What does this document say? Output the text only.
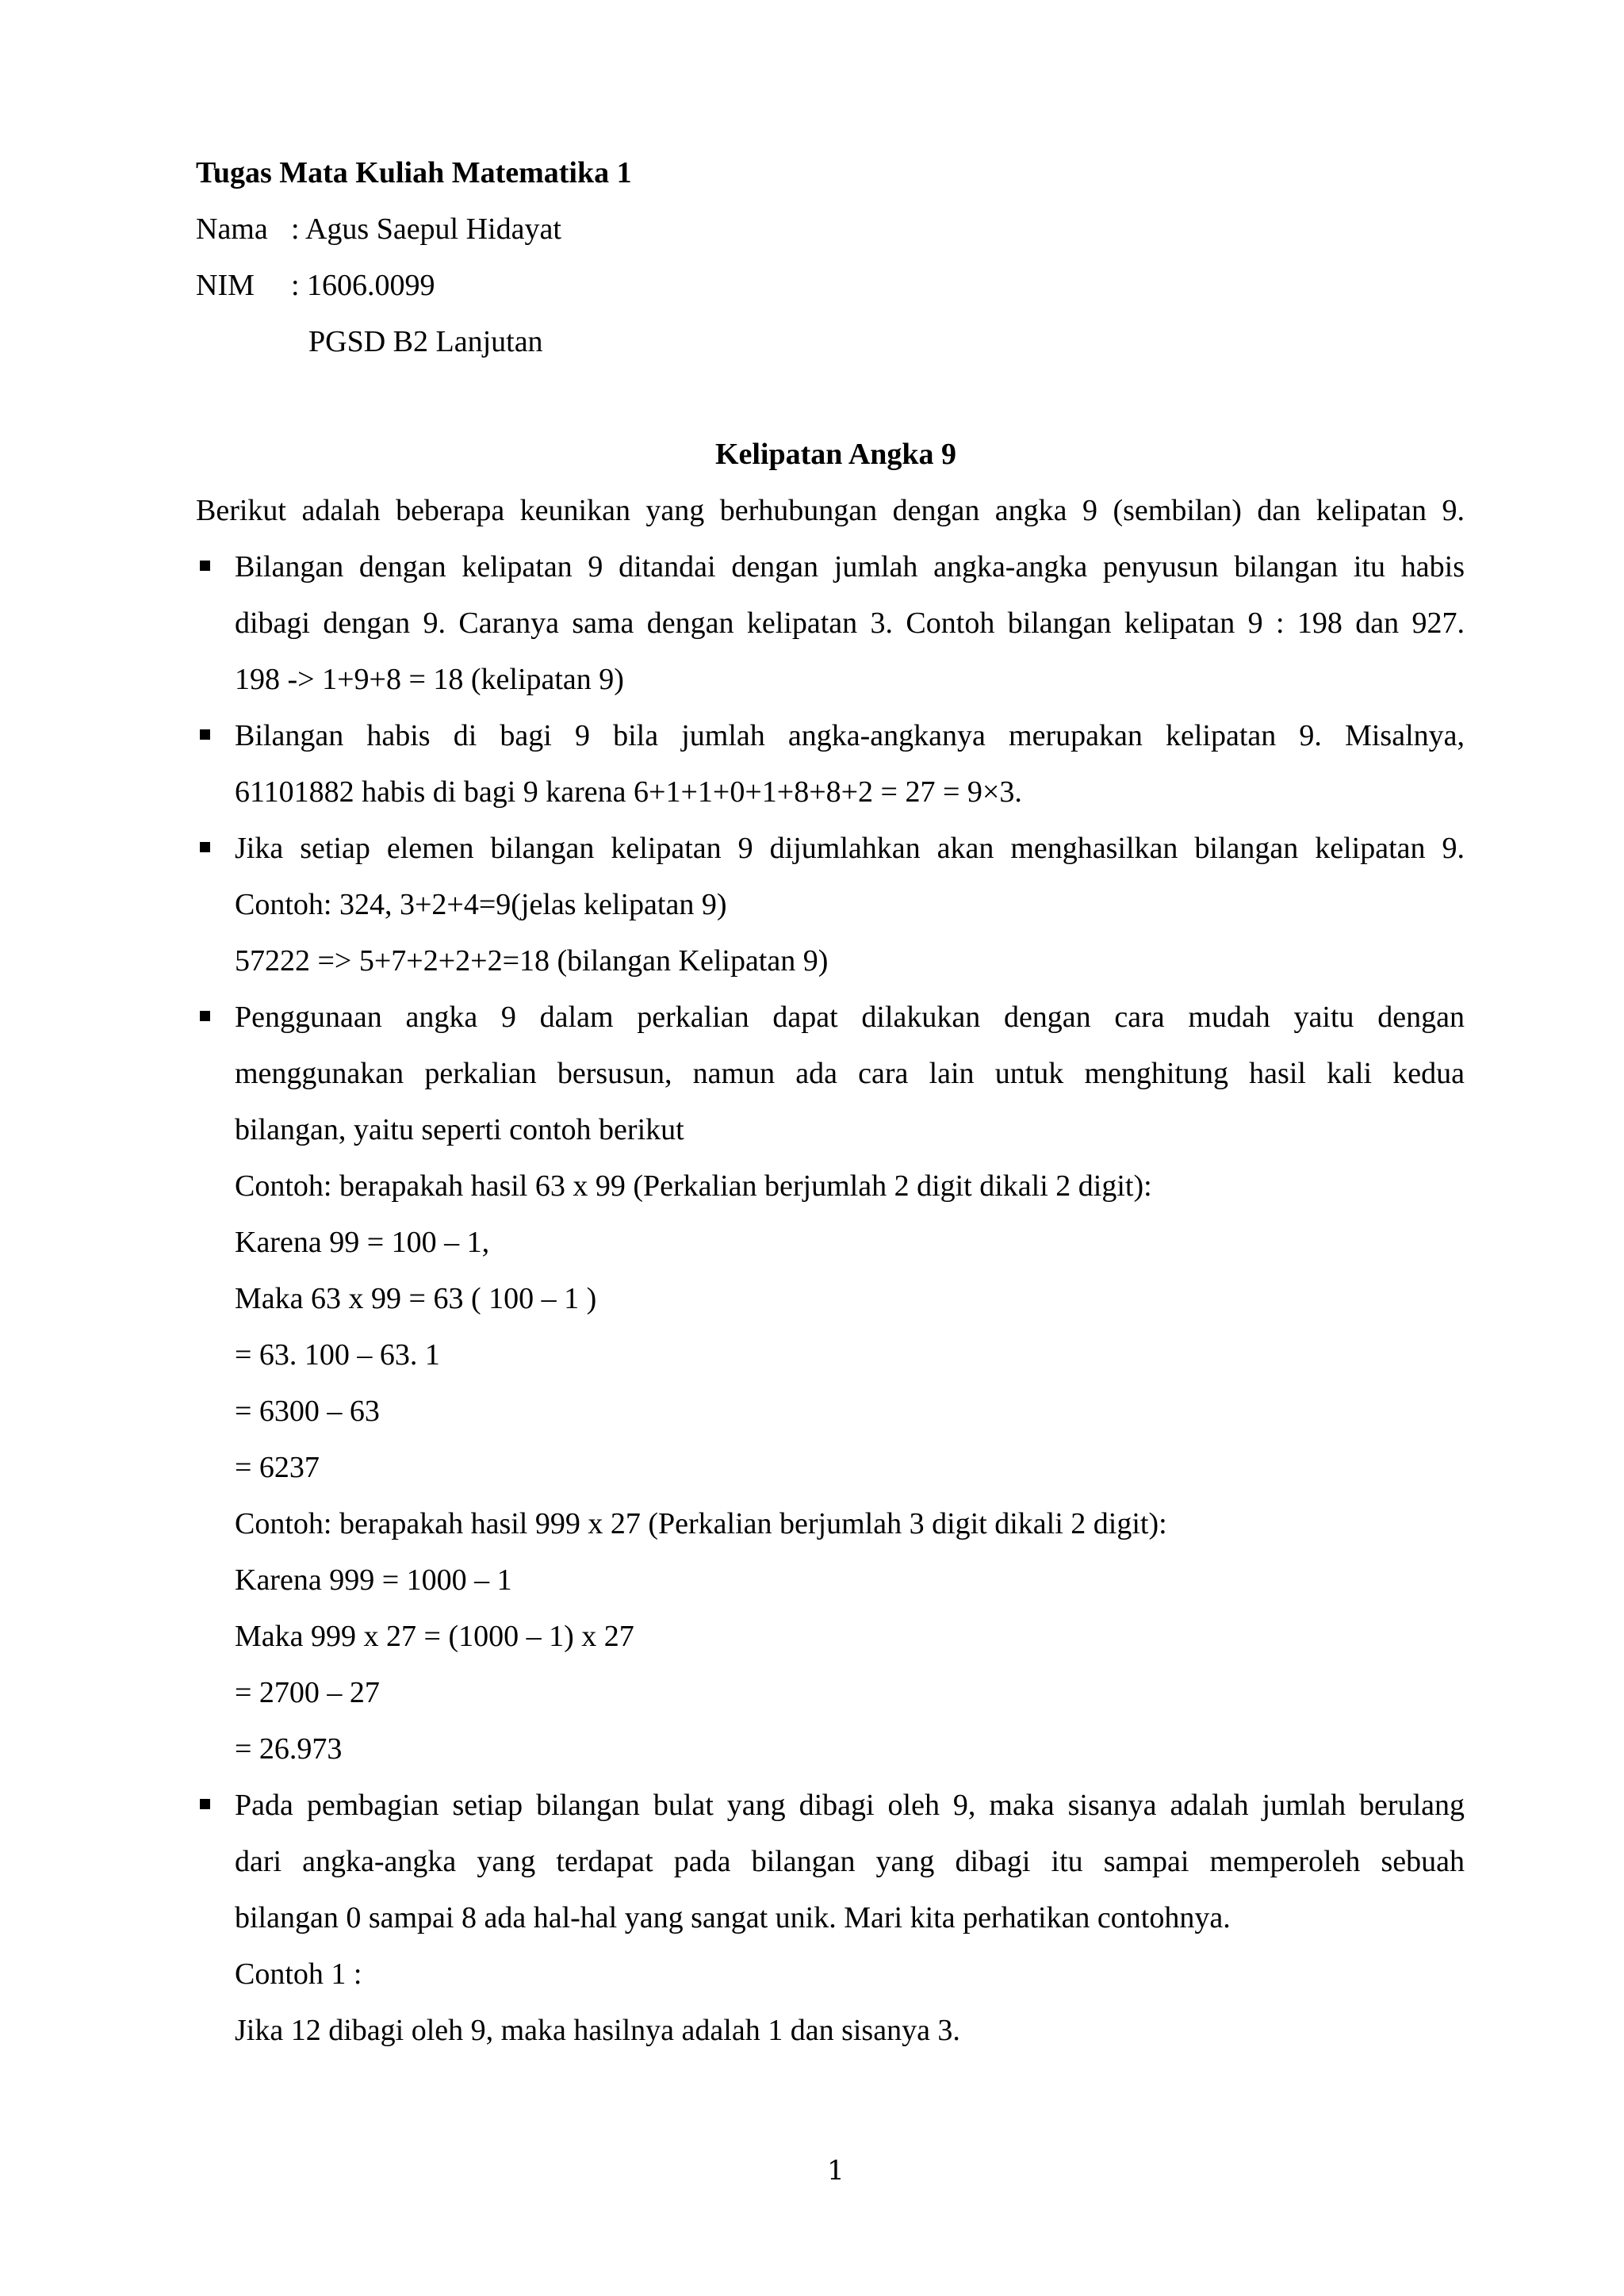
Tugas Mata Kuliah Matematika 1
Nama : Agus Saepul Hidayat
NIM : 1606.0099
PGSD B2 Lanjutan
Kelipatan Angka 9
Berikut adalah beberapa keunikan yang berhubungan dengan angka 9 (sembilan) dan kelipatan 9.
Bilangan dengan kelipatan 9 ditandai dengan jumlah angka-angka penyusun bilangan itu habis
dibagi dengan 9. Caranya sama dengan kelipatan 3. Contoh bilangan kelipatan 9 : 198 dan 927.
198 -> 1+9+8 = 18 (kelipatan 9)
Bilangan habis di bagi 9 bila jumlah angka-angkanya merupakan kelipatan 9. Misalnya,
61101882 habis di bagi 9 karena 6+1+1+0+1+8+8+2 = 27 = 9×3.
Jika setiap elemen bilangan kelipatan 9 dijumlahkan akan menghasilkan bilangan kelipatan 9.
Contoh: 324, 3+2+4=9(jelas kelipatan 9)
57222 => 5+7+2+2+2=18 (bilangan Kelipatan 9)
Penggunaan angka 9 dalam perkalian dapat dilakukan dengan cara mudah yaitu dengan
menggunakan perkalian bersusun, namun ada cara lain untuk menghitung hasil kali kedua
bilangan, yaitu seperti contoh berikut
Contoh: berapakah hasil 63 x 99 (Perkalian berjumlah 2 digit dikali 2 digit):
Karena 99 = 100 – 1,
Maka 63 x 99 = 63 ( 100 – 1 )
= 63. 100 – 63. 1
= 6300 – 63
= 6237
Contoh: berapakah hasil 999 x 27 (Perkalian berjumlah 3 digit dikali 2 digit):
Karena 999 = 1000 – 1
Maka 999 x 27 = (1000 – 1) x 27
= 2700 – 27
= 26.973
Pada pembagian setiap bilangan bulat yang dibagi oleh 9, maka sisanya adalah jumlah berulang
dari angka-angka yang terdapat pada bilangan yang dibagi itu sampai memperoleh sebuah
bilangan 0 sampai 8 ada hal-hal yang sangat unik. Mari kita perhatikan contohnya.
Contoh 1 :
Jika 12 dibagi oleh 9, maka hasilnya adalah 1 dan sisanya 3.
1
